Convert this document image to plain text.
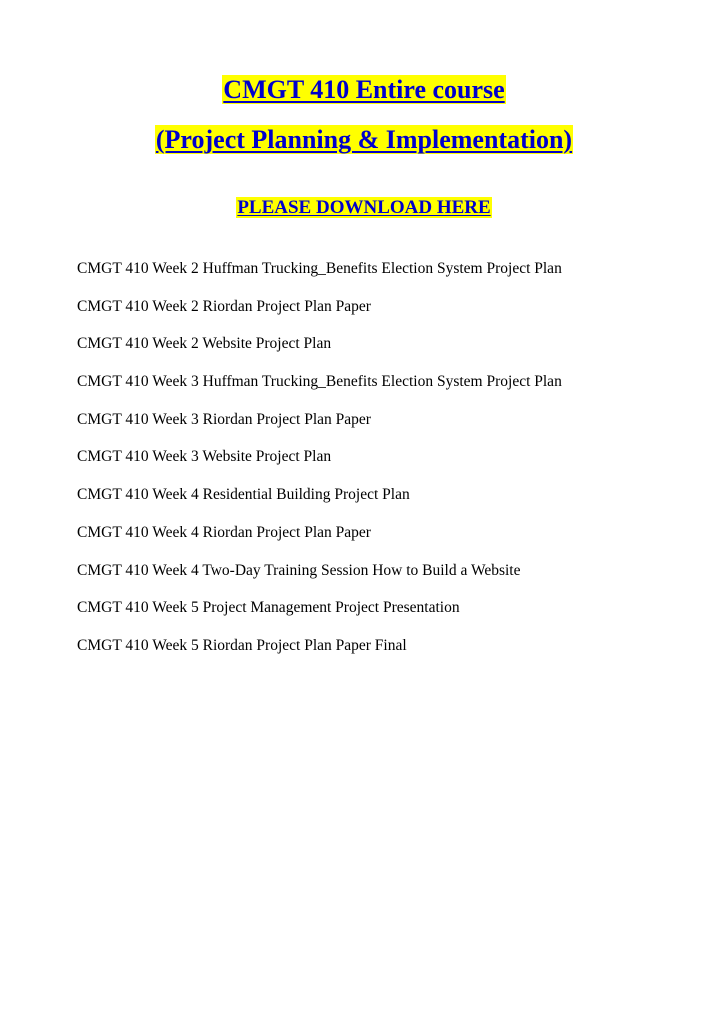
CMGT 410 Entire course
(Project Planning & Implementation)
PLEASE DOWNLOAD HERE
CMGT 410 Week 2 Huffman Trucking_Benefits Election System Project Plan
CMGT 410 Week 2 Riordan Project Plan Paper
CMGT 410 Week 2 Website Project Plan
CMGT 410 Week 3 Huffman Trucking_Benefits Election System Project Plan
CMGT 410 Week 3 Riordan Project Plan Paper
CMGT 410 Week 3 Website Project Plan
CMGT 410 Week 4 Residential Building Project Plan
CMGT 410 Week 4 Riordan Project Plan Paper
CMGT 410 Week 4 Two-Day Training Session How to Build a Website
CMGT 410 Week 5 Project Management Project Presentation
CMGT 410 Week 5 Riordan Project Plan Paper Final
